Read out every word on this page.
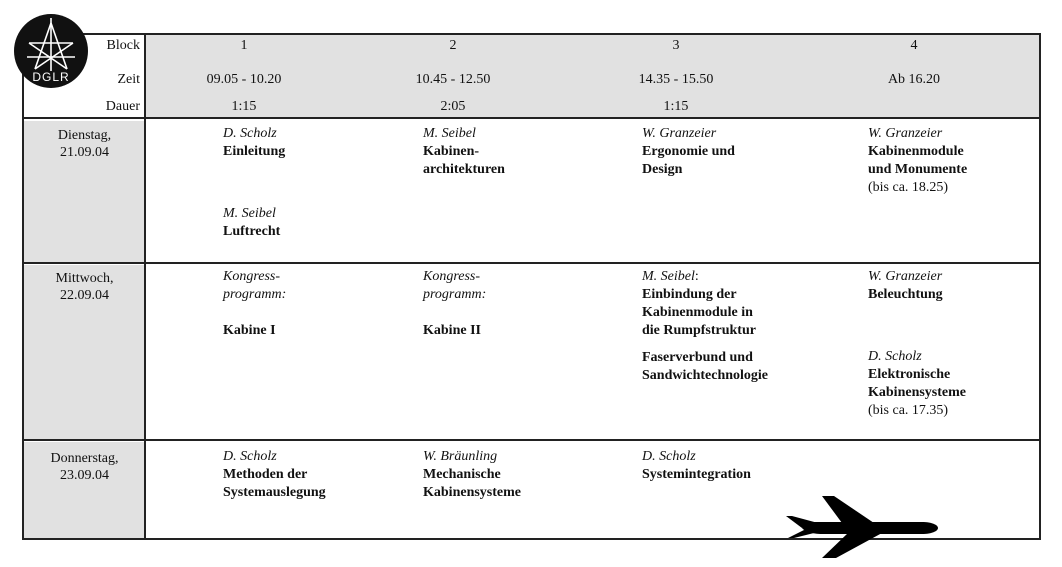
DGLR
Block
Zeit
Dauer
1
09.05 - 10.20
1:15
2
10.45 - 12.50
2:05
3
14.35 - 15.50
1:15
4
Ab 16.20
Dienstag,
21.09.04
Mittwoch,
22.09.04
Donnerstag,
23.09.04
D. Scholz
Einleitung
M. Seibel
Luftrecht
M. Seibel
Kabinen-
architekturen
W. Granzeier
Ergonomie und
Design
W. Granzeier
Kabinenmodule
und Monumente
(bis ca. 18.25)
Kongress-
programm:
Kabine I
Kongress-
programm:
Kabine II
M. Seibel:
Einbindung der
Kabinenmodule in
die Rumpfstruktur
Faserverbund und
Sandwichtechnologie
W. Granzeier
Beleuchtung
D. Scholz
Elektronische
Kabinensysteme
(bis ca. 17.35)
D. Scholz
Methoden der
Systemauslegung
W. Bräunling
Mechanische
Kabinensysteme
D. Scholz
Systemintegration
